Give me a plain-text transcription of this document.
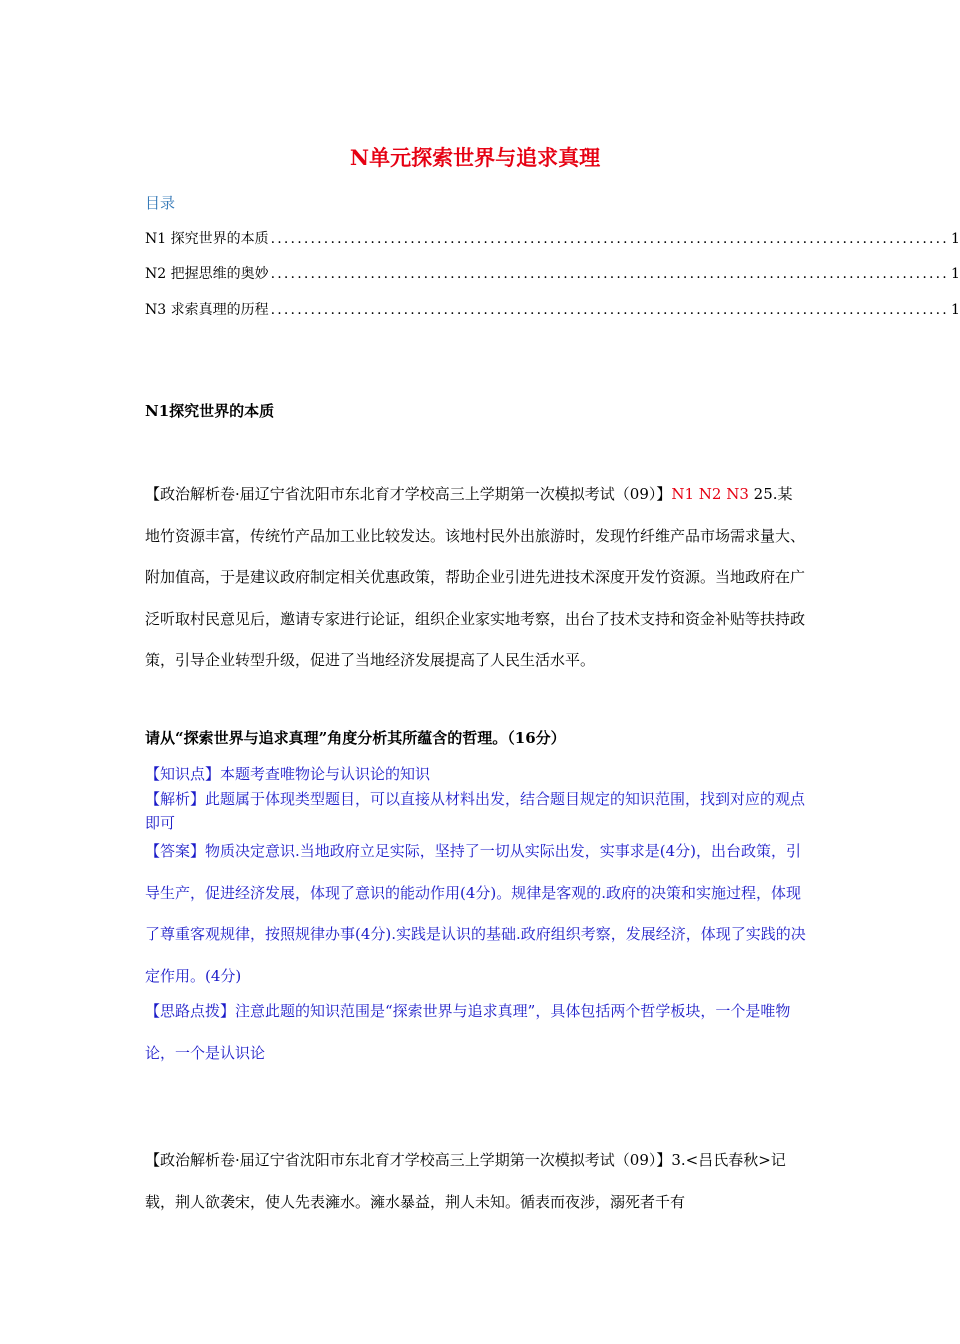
N单元探索世界与追求真理
目录
N1 探究世界的本质 ...................................................................................................... 1
N2 把握思维的奥妙 ...................................................................................................... 1
N3 求索真理的历程 ...................................................................................................... 1
N1探究世界的本质
【政治解析卷·届辽宁省沈阳市东北育才学校高三上学期第一次模拟考试（09）】N1 N2 N3 25.某地竹资源丰富，传统竹产品加工业比较发达。该地村民外出旅游时，发现竹纤维产品市场需求量大、附加值高，于是建议政府制定相关优惠政策，帮助企业引进先进技术深度开发竹资源。当地政府在广泛听取村民意见后，邀请专家进行论证，组织企业家实地考察，出台了技术支持和资金补贴等扶持政策，引导企业转型升级，促进了当地经济发展提高了人民生活水平。
请从“探索世界与追求真理”角度分析其所蕴含的哲理。（16分）
【知识点】本题考查唯物论与认识论的知识
【解析】此题属于体现类型题目，可以直接从材料出发，结合题目规定的知识范围，找到对应的观点即可
【答案】物质决定意识.当地政府立足实际，坚持了一切从实际出发，实事求是(4分)，出台政策，引导生产，促进经济发展，体现了意识的能动作用(4分)。规律是客观的.政府的决策和实施过程，体现了尊重客观规律，按照规律办事(4分).实践是认识的基础.政府组织考察，发展经济，体现了实践的决定作用。(4分)
【思路点拨】注意此题的知识范围是“探索世界与追求真理”，具体包括两个哲学板块，一个是唯物论，一个是认识论
【政治解析卷·届辽宁省沈阳市东北育才学校高三上学期第一次模拟考试（09）】3.<吕氏春秋>记载，荆人欲袭宋，使人先表澭水。澭水暴益，荆人未知。循表而夜涉，溺死者千有
